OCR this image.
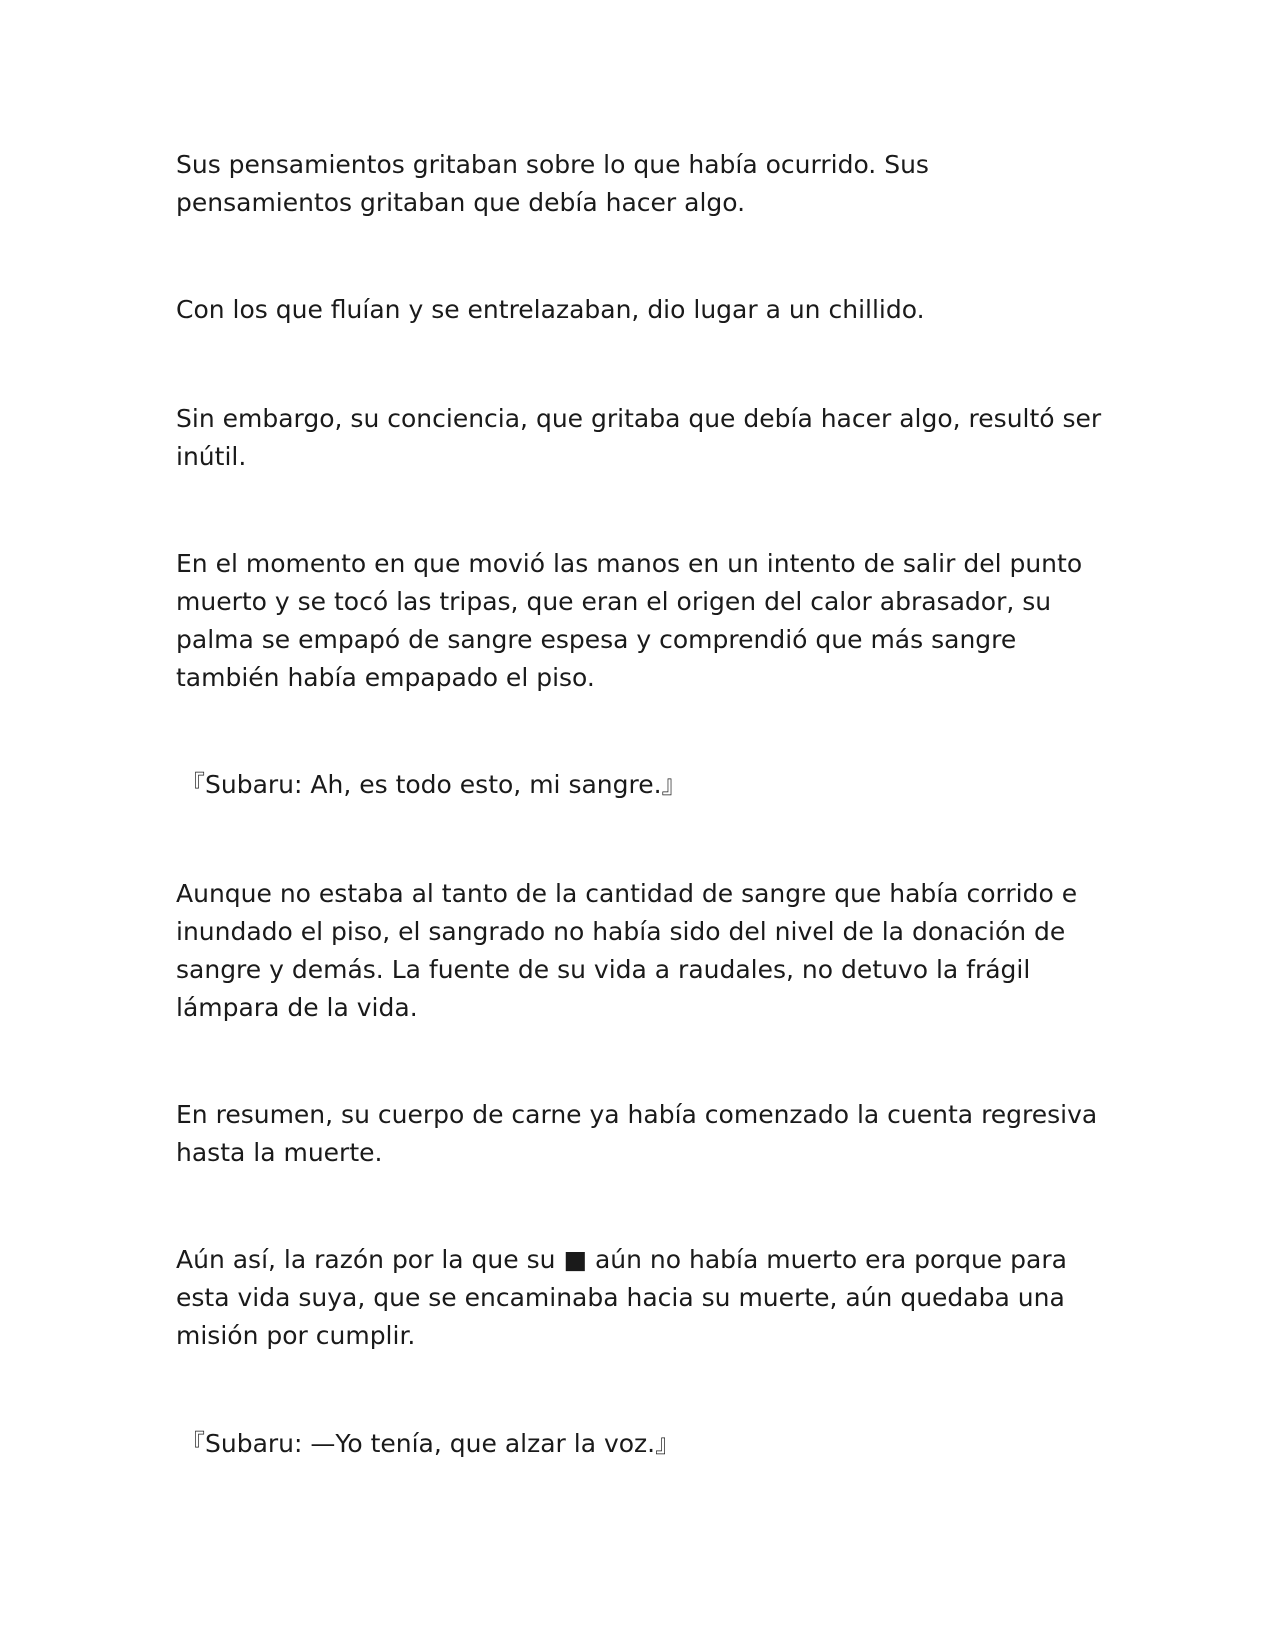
Sus pensamientos gritaban sobre lo que había ocurrido. Sus pensamientos gritaban que debía hacer algo.

Con los que fluían y se entrelazaban, dio lugar a un chillido.

Sin embargo, su conciencia, que gritaba que debía hacer algo, resultó ser inútil.

En el momento en que movió las manos en un intento de salir del punto muerto y se tocó las tripas, que eran el origen del calor abrasador, su palma se empapó de sangre espesa y comprendió que más sangre también había empapado el piso.

『Subaru: Ah, es todo esto, mi sangre.』

Aunque no estaba al tanto de la cantidad de sangre que había corrido e inundado el piso, el sangrado no había sido del nivel de la donación de sangre y demás. La fuente de su vida a raudales, no detuvo la frágil lámpara de la vida.

En resumen, su cuerpo de carne ya había comenzado la cuenta regresiva hasta la muerte.

Aún así, la razón por la que su ■ aún no había muerto era porque para esta vida suya, que se encaminaba hacia su muerte, aún quedaba una misión por cumplir.

『Subaru: —Yo tenía, que alzar la voz.』
